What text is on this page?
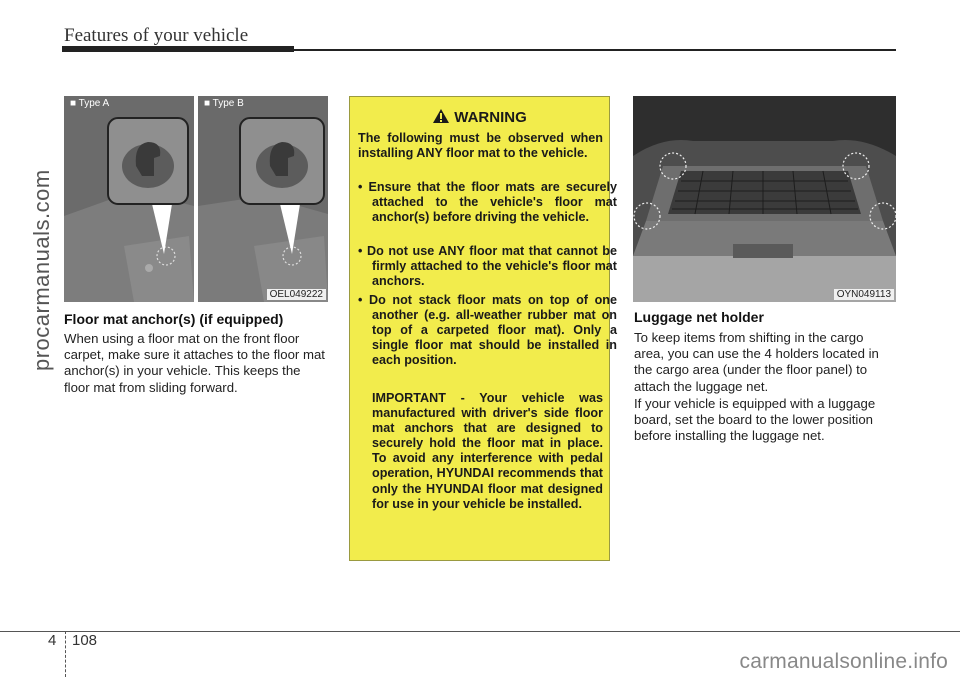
Features of your vehicle
procarmanuals.com
■ Type A	■ Type B
OEL049222
Floor mat anchor(s) (if equipped)
When using a floor mat on the front floor carpet, make sure it attaches to the floor mat anchor(s) in your vehicle. This keeps the floor mat from sliding forward.
WARNING
The following must be observed when installing ANY floor mat to the vehicle.
• Ensure that the floor mats are securely attached to the vehicle's floor mat anchor(s) before driving the vehicle.
• Do not use ANY floor mat that cannot be firmly attached to the vehicle's floor mat anchors.
• Do not stack floor mats on top of one another (e.g. all-weather rubber mat on top of a carpeted floor mat). Only a single floor mat should be installed in each position.
IMPORTANT - Your vehicle was manufactured with driver's side floor mat anchors that are designed to securely hold the floor mat in place. To avoid any interference with pedal operation, HYUNDAI recommends that only the HYUNDAI floor mat designed for use in your vehicle be installed.
OYN049113
Luggage net holder
To keep items from shifting in the cargo area, you can use the 4 holders located in the cargo area (under the floor panel) to attach the luggage net.
If your vehicle is equipped with a luggage board, set the board to the lower position before installing the luggage net.
4 108
carmanualsonline.info
